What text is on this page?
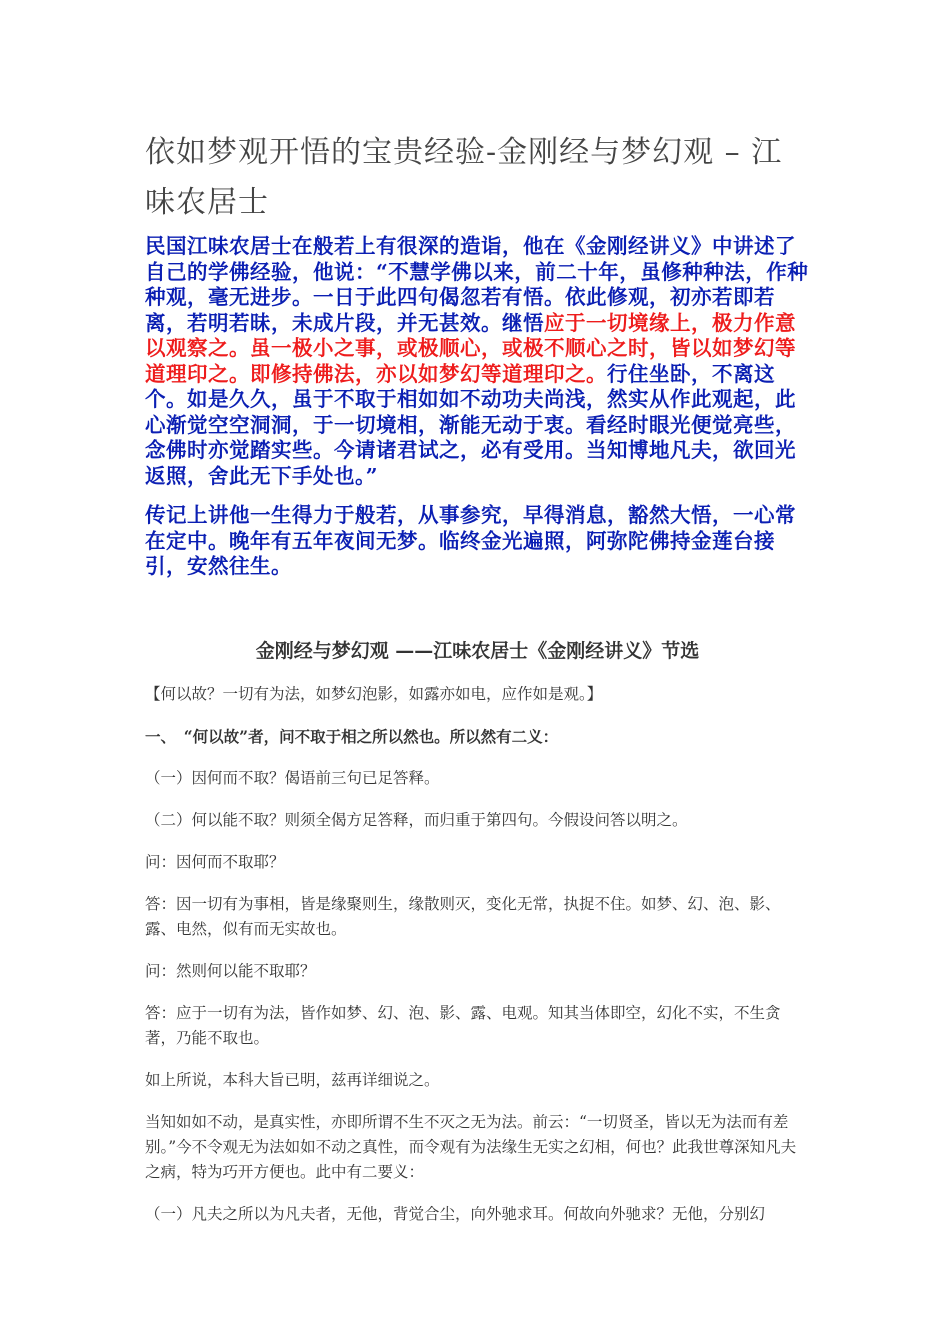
依如梦观开悟的宝贵经验-金刚经与梦幻观 – 江味农居士

民国江味农居士在般若上有很深的造诣，他在《金刚经讲义》中讲述了自己的学佛经验，他说：“不慧学佛以来，前二十年，虽修种种法，作种种观，毫无进步。一日于此四句偈忽若有悟。依此修观，初亦若即若离，若明若昧，未成片段，并无甚效。继悟应于一切境缘上，极力作意以观察之。虽一极小之事，或极顺心，或极不顺心之时，皆以如梦幻等道理印之。即修持佛法，亦以如梦幻等道理印之。行住坐卧，不离这个。如是久久，虽于不取于相如如不动功夫尚浅，然实从作此观起，此心渐觉空空洞洞，于一切境相，渐能无动于衷。看经时眼光便觉亮些，念佛时亦觉踏实些。今请诸君试之，必有受用。当知博地凡夫，欲回光返照，舍此无下手处也。”

传记上讲他一生得力于般若，从事参究，早得消息，豁然大悟，一心常在定中。晚年有五年夜间无梦。临终金光遍照，阿弥陀佛持金莲台接引，安然往生。

金刚经与梦幻观 ——江味农居士《金刚经讲义》节选

【何以故？一切有为法，如梦幻泡影，如露亦如电，应作如是观。】

一、　“何以故”者，问不取于相之所以然也。所以然有二义：

（一）因何而不取？偈语前三句已足答释。

（二）何以能不取？则须全偈方足答释，而归重于第四句。今假设问答以明之。

问：因何而不取耶？

答：因一切有为事相，皆是缘聚则生，缘散则灭，变化无常，执捉不住。如梦、幻、泡、影、露、电然，似有而无实故也。

问：然则何以能不取耶？

答：应于一切有为法，皆作如梦、幻、泡、影、露、电观。知其当体即空，幻化不实，不生贪著，乃能不取也。

如上所说，本科大旨已明，兹再详细说之。

当知如如不动，是真实性，亦即所谓不生不灭之无为法。前云：“一切贤圣，皆以无为法而有差别。”今不令观无为法如如不动之真性，而令观有为法缘生无实之幻相，何也？此我世尊深知凡夫之病，特为巧开方便也。此中有二要义：

（一）凡夫之所以为凡夫者，无他，背觉合尘，向外驰求耳。何故向外驰求？无他，分别幻
